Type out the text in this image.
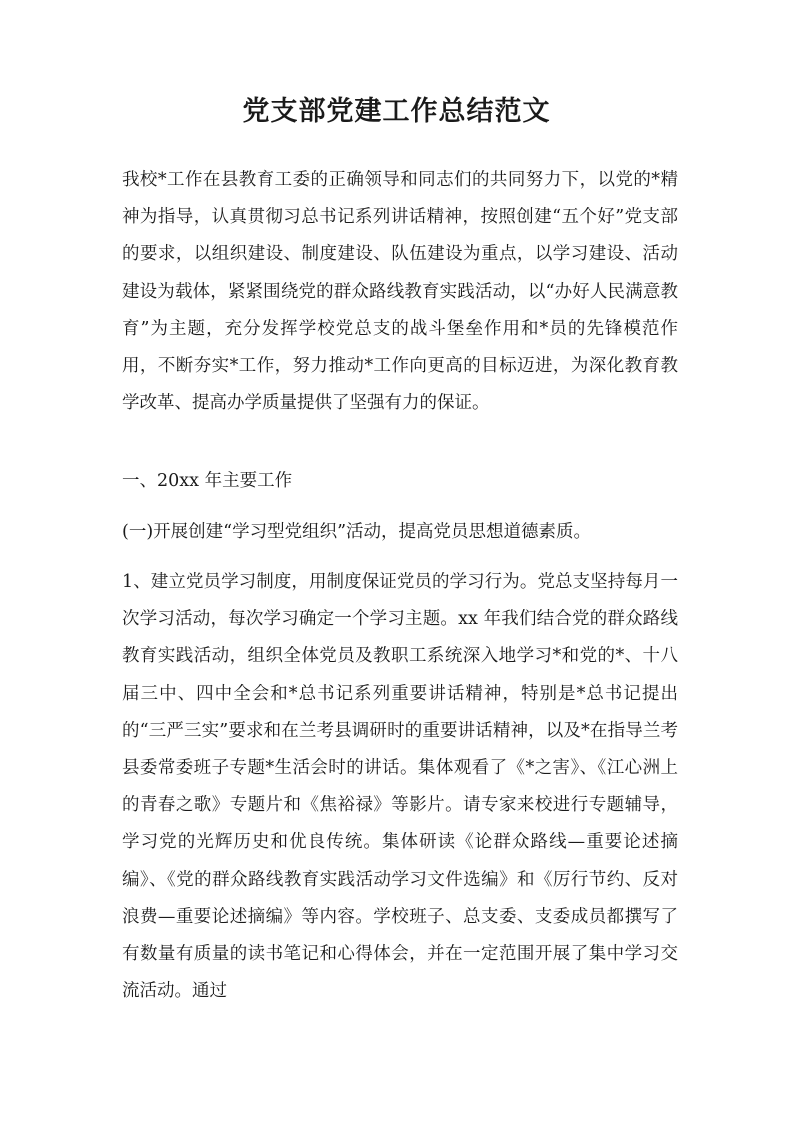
党支部党建工作总结范文

我校*工作在县教育工委的正确领导和同志们的共同努力下，以党的*精神为指导，认真贯彻习总书记系列讲话精神，按照创建“五个好”党支部的要求，以组织建设、制度建设、队伍建设为重点，以学习建设、活动建设为载体，紧紧围绕党的群众路线教育实践活动，以“办好人民满意教育”为主题，充分发挥学校党总支的战斗堡垒作用和*员的先锋模范作用，不断夯实*工作，努力推动*工作向更高的目标迈进，为深化教育教学改革、提高办学质量提供了坚强有力的保证。

一、20xx 年主要工作

(一)开展创建“学习型党组织”活动，提高党员思想道德素质。

1、建立党员学习制度，用制度保证党员的学习行为。党总支坚持每月一次学习活动，每次学习确定一个学习主题。xx 年我们结合党的群众路线教育实践活动，组织全体党员及教职工系统深入地学习*和党的*、十八届三中、四中全会和*总书记系列重要讲话精神，特别是*总书记提出的“三严三实”要求和在兰考县调研时的重要讲话精神，以及*在指导兰考县委常委班子专题*生活会时的讲话。集体观看了《*之害》、《江心洲上的青春之歌》专题片和《焦裕禄》等影片。请专家来校进行专题辅导，学习党的光辉历史和优良传统。集体研读《论群众路线—重要论述摘编》、《党的群众路线教育实践活动学习文件选编》和《厉行节约、反对浪费—重要论述摘编》等内容。学校班子、总支委、支委成员都撰写了有数量有质量的读书笔记和心得体会，并在一定范围开展了集中学习交流活动。通过
